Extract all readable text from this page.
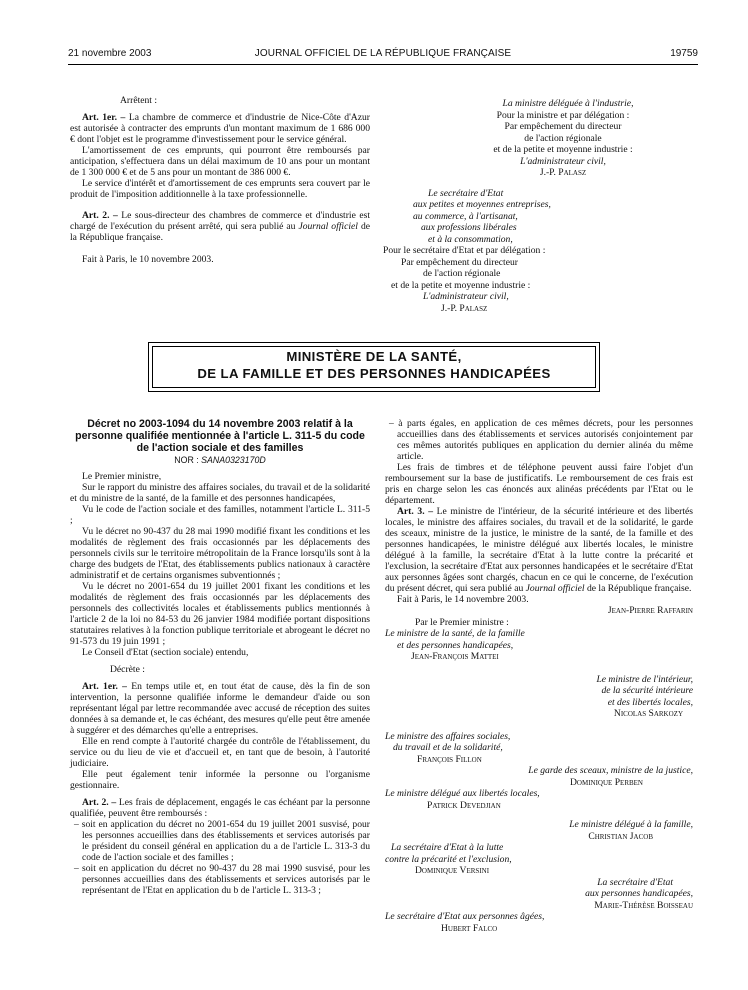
21 novembre 2003	JOURNAL OFFICIEL DE LA RÉPUBLIQUE FRANÇAISE	19759

Arrêtent :

Art. 1er. – La chambre de commerce et d'industrie de Nice-Côte d'Azur est autorisée à contracter des emprunts d'un montant maximum de 1 686 000 € dont l'objet est le programme d'investissement pour le service général.

L'amortissement de ces emprunts, qui pourront être remboursés par anticipation, s'effectuera dans un délai maximum de 10 ans pour un montant de 1 300 000 € et de 5 ans pour un montant de 386 000 €.

Le service d'intérêt et d'amortissement de ces emprunts sera couvert par le produit de l'imposition additionnelle à la taxe professionnelle.

Art. 2. – Le sous-directeur des chambres de commerce et d'industrie est chargé de l'exécution du présent arrêté, qui sera publié au Journal officiel de la République française.

Fait à Paris, le 10 novembre 2003.

La ministre déléguée à l'industrie,
Pour la ministre et par délégation :
Par empêchement du directeur
de l'action régionale
et de la petite et moyenne industrie :
L'administrateur civil,
J.-P. Palasz
Le secrétaire d'Etat
aux petites et moyennes entreprises,
au commerce, à l'artisanat,
aux professions libérales
et à la consommation,
Pour le secrétaire d'Etat et par délégation :
Par empêchement du directeur
de l'action régionale
et de la petite et moyenne industrie :
L'administrateur civil,
J.-P. Palasz
MINISTÈRE DE LA SANTÉ,
DE LA FAMILLE ET DES PERSONNES HANDICAPÉES
Décret no 2003-1094 du 14 novembre 2003 relatif à la personne qualifiée mentionnée à l'article L. 311-5 du code de l'action sociale et des familles
NOR : SANA0323170D

Le Premier ministre,

Sur le rapport du ministre des affaires sociales, du travail et de la solidarité et du ministre de la santé, de la famille et des personnes handicapées,

Vu le code de l'action sociale et des familles, notamment l'article L. 311-5 ;

Vu le décret no 90-437 du 28 mai 1990 modifié fixant les conditions et les modalités de règlement des frais occasionnés par les déplacements des personnels civils sur le territoire métropolitain de la France lorsqu'ils sont à la charge des budgets de l'Etat, des établissements publics nationaux à caractère administratif et de certains organismes subventionnés ;

Vu le décret no 2001-654 du 19 juillet 2001 fixant les conditions et les modalités de règlement des frais occasionnés par les déplacements des personnels des collectivités locales et établissements publics mentionnés à l'article 2 de la loi no 84-53 du 26 janvier 1984 modifiée portant dispositions statutaires relatives à la fonction publique territoriale et abrogeant le décret no 91-573 du 19 juin 1991 ;

Le Conseil d'Etat (section sociale) entendu,

Décrète :

Art. 1er. – En temps utile et, en tout état de cause, dès la fin de son intervention, la personne qualifiée informe le demandeur d'aide ou son représentant légal par lettre recommandée avec accusé de réception des suites données à sa demande et, le cas échéant, des mesures qu'elle peut être amenée à suggérer et des démarches qu'elle a entreprises.

Elle en rend compte à l'autorité chargée du contrôle de l'établissement, du service ou du lieu de vie et d'accueil et, en tant que de besoin, à l'autorité judiciaire.

Elle peut également tenir informée la personne ou l'organisme gestionnaire.

Art. 2. – Les frais de déplacement, engagés le cas échéant par la personne qualifiée, peuvent être remboursés :

– soit en application du décret no 2001-654 du 19 juillet 2001 susvisé, pour les personnes accueillies dans des établissements et services autorisés par le président du conseil général en application du a de l'article L. 313-3 du code de l'action sociale et des familles ;
– soit en application du décret no 90-437 du 28 mai 1990 susvisé, pour les personnes accueillies dans des établissements et services autorisés par le représentant de l'Etat en application du b de l'article L. 313-3 ;
– à parts égales, en application de ces mêmes décrets, pour les personnes accueillies dans des établissements et services autorisés conjointement par ces mêmes autorités publiques en application du dernier alinéa du même article.

Les frais de timbres et de téléphone peuvent aussi faire l'objet d'un remboursement sur la base de justificatifs. Le remboursement de ces frais est pris en charge selon les cas énoncés aux alinéas précédents par l'Etat ou le département.

Art. 3. – Le ministre de l'intérieur, de la sécurité intérieure et des libertés locales, le ministre des affaires sociales, du travail et de la solidarité, le garde des sceaux, ministre de la justice, le ministre de la santé, de la famille et des personnes handicapées, le ministre délégué aux libertés locales, le ministre délégué à la famille, la secrétaire d'Etat à la lutte contre la précarité et l'exclusion, la secrétaire d'Etat aux personnes handicapées et le secrétaire d'Etat aux personnes âgées sont chargés, chacun en ce qui le concerne, de l'exécution du présent décret, qui sera publié au Journal officiel de la République française.

Fait à Paris, le 14 novembre 2003.

Jean-Pierre Raffarin
Par le Premier ministre :
Le ministre de la santé, de la famille
et des personnes handicapées,
Jean-François Mattei
Le ministre de l'intérieur,
de la sécurité intérieure
et des libertés locales,
Nicolas Sarkozy
Le ministre des affaires sociales,
du travail et de la solidarité,
François Fillon
Le garde des sceaux, ministre de la justice,
Dominique Perben
Le ministre délégué aux libertés locales,
Patrick Devedjian
Le ministre délégué à la famille,
Christian Jacob
La secrétaire d'Etat à la lutte
contre la précarité et l'exclusion,
Dominique Versini
La secrétaire d'Etat
aux personnes handicapées,
Marie-Thérèse Boisseau
Le secrétaire d'Etat aux personnes âgées,
Hubert Falco
